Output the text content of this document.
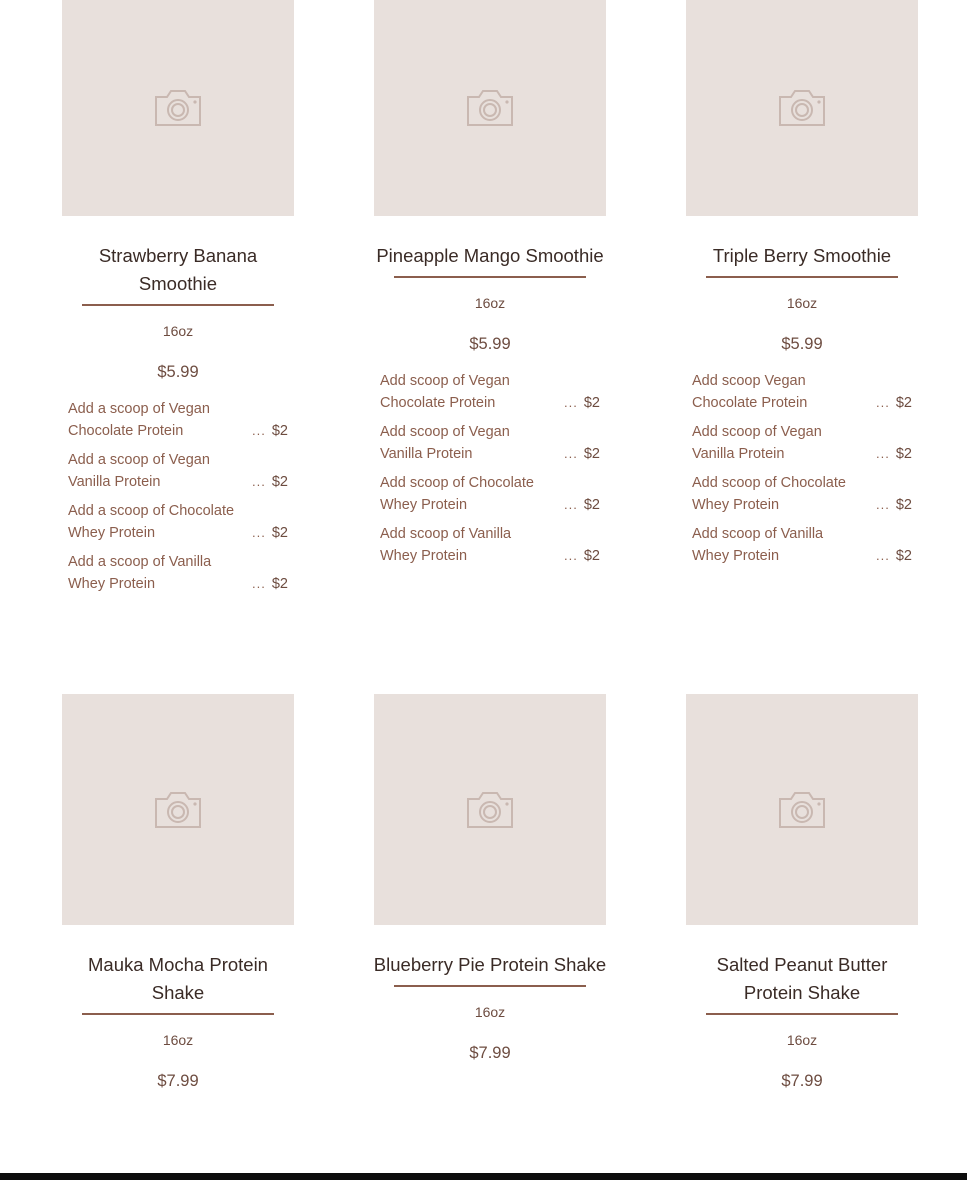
Strawberry Banana
Smoothie
16oz
$5.99
Add a scoop of Vegan
Chocolate Protein	... $2
Add a scoop of Vegan
Vanilla Protein	... $2
Add a scoop of Chocolate
Whey Protein	... $2
Add a scoop of Vanilla
Whey Protein	... $2
Pineapple Mango Smoothie
16oz
$5.99
Add scoop of Vegan
Chocolate Protein	... $2
Add scoop of Vegan
Vanilla Protein	... $2
Add scoop of Chocolate
Whey Protein	... $2
Add scoop of Vanilla
Whey Protein	... $2
Triple Berry Smoothie
16oz
$5.99
Add scoop Vegan
Chocolate Protein	... $2
Add scoop of Vegan
Vanilla Protein	... $2
Add scoop of Chocolate
Whey Protein	... $2
Add scoop of Vanilla
Whey Protein	... $2
Mauka Mocha Protein
Shake
16oz
$7.99
Blueberry Pie Protein Shake
16oz
$7.99
Salted Peanut Butter
Protein Shake
16oz
$7.99
